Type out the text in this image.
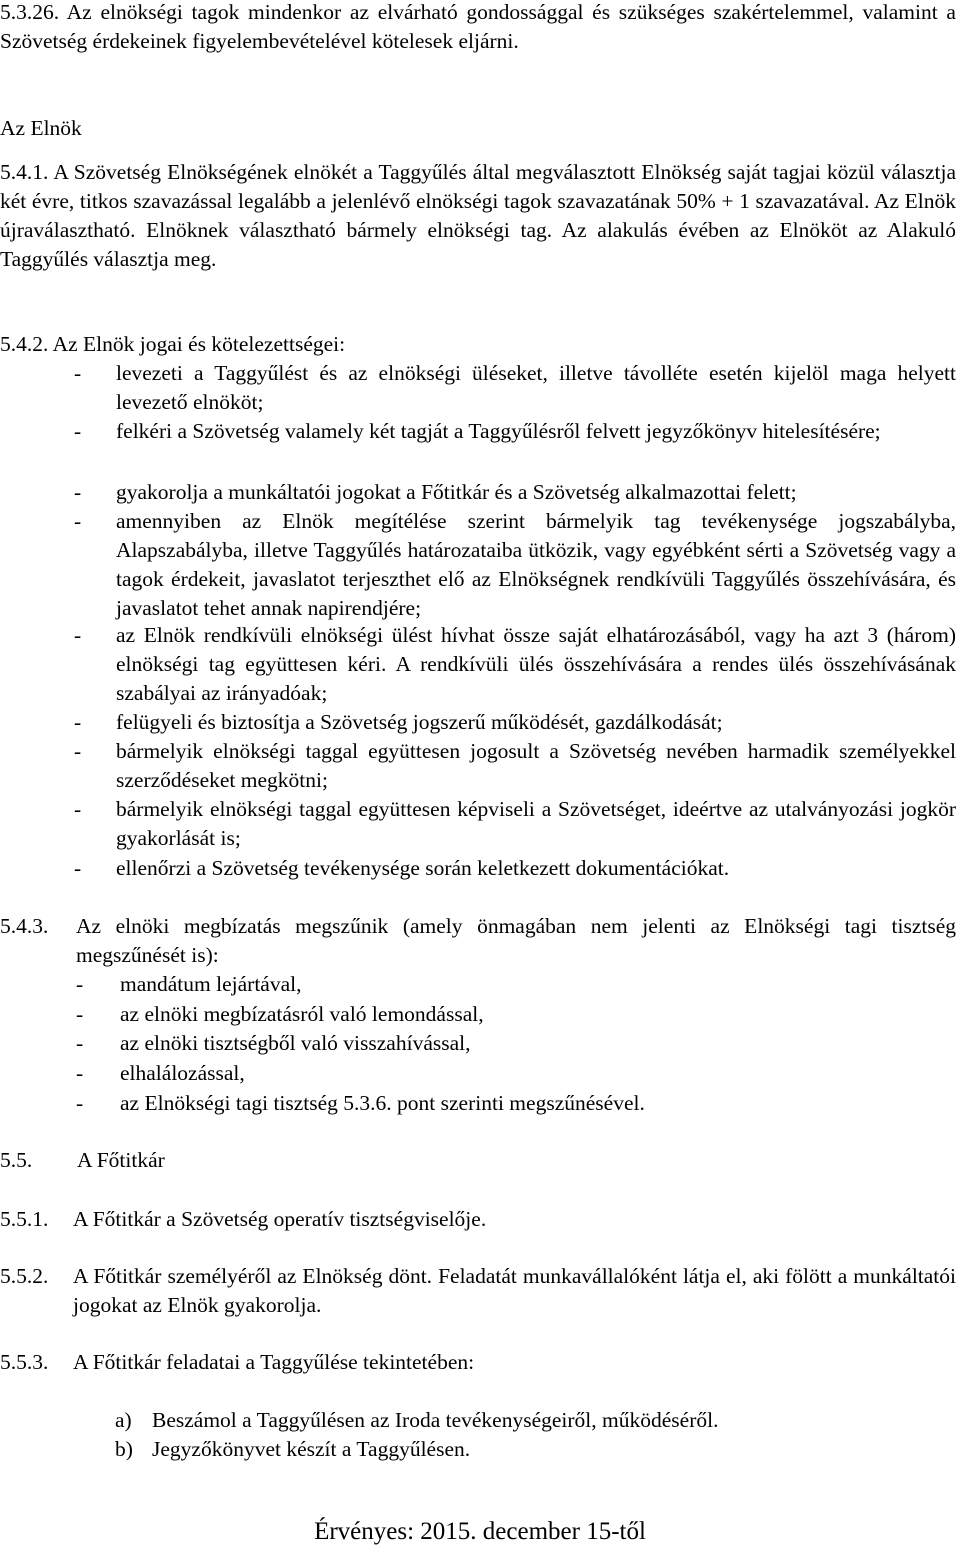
5.3.26. Az elnökségi tagok mindenkor az elvárható gondossággal és szükséges szakértelemmel, valamint a Szövetség érdekeinek figyelembevételével kötelesek eljárni.

Az Elnök

5.4.1. A Szövetség Elnökségének elnökét a Taggyűlés által megválasztott Elnökség saját tagjai közül választja két évre, titkos szavazással legalább a jelenlévő elnökségi tagok szavazatának 50% + 1 szavazatával. Az Elnök újraválasztható. Elnöknek választható bármely elnökségi tag. Az alakulás évében az Elnököt az Alakuló Taggyűlés választja meg.

5.4.2. Az Elnök jogai és kötelezettségei:

- levezeti a Taggyűlést és az elnökségi üléseket, illetve távolléte esetén kijelöl maga helyett levezető elnököt;
- felkéri a Szövetség valamely két tagját a Taggyűlésről felvett jegyzőkönyv hitelesítésére;
- gyakorolja a munkáltatói jogokat a Főtitkár és a Szövetség alkalmazottai felett;
- amennyiben az Elnök megítélése szerint bármelyik tag tevékenysége jogszabályba, Alapszabályba, illetve Taggyűlés határozataiba ütközik, vagy egyébként sérti a Szövetség vagy a tagok érdekeit, javaslatot terjeszthet elő az Elnökségnek rendkívüli Taggyűlés összehívására, és javaslatot tehet annak napirendjére;
- az Elnök rendkívüli elnökségi ülést hívhat össze saját elhatározásából, vagy ha azt 3 (három) elnökségi tag együttesen kéri. A rendkívüli ülés összehívására a rendes ülés összehívásának szabályai az irányadóak;
- felügyeli és biztosítja a Szövetség jogszerű működését, gazdálkodását;
- bármelyik elnökségi taggal együttesen jogosult a Szövetség nevében harmadik személyekkel szerződéseket megkötni;
- bármelyik elnökségi taggal együttesen képviseli a Szövetséget, ideértve az utalványozási jogkör gyakorlását is;
- ellenőrzi a Szövetség tevékenysége során keletkezett dokumentációkat.
5.4.3. Az elnöki megbízatás megszűnik (amely önmagában nem jelenti az Elnökségi tagi tisztség megszűnését is):

- mandátum lejártával,
- az elnöki megbízatásról való lemondással,
- az elnöki tisztségből való visszahívással,
- elhalálozással,
- az Elnökségi tagi tisztség 5.3.6. pont szerinti megszűnésével.
5.5. A Főtitkár
5.5.1. A Főtitkár a Szövetség operatív tisztségviselője.
5.5.2. A Főtitkár személyéről az Elnökség dönt. Feladatát munkavállalóként látja el, aki fölött a munkáltatói jogokat az Elnök gyakorolja.

5.5.3. A Főtitkár feladatai a Taggyűlése tekintetében:
a) Beszámol a Taggyűlésen az Iroda tevékenységeiről, működéséről.
b) Jegyzőkönyvet készít a Taggyűlésen.
Érvényes: 2015. december 15-től
